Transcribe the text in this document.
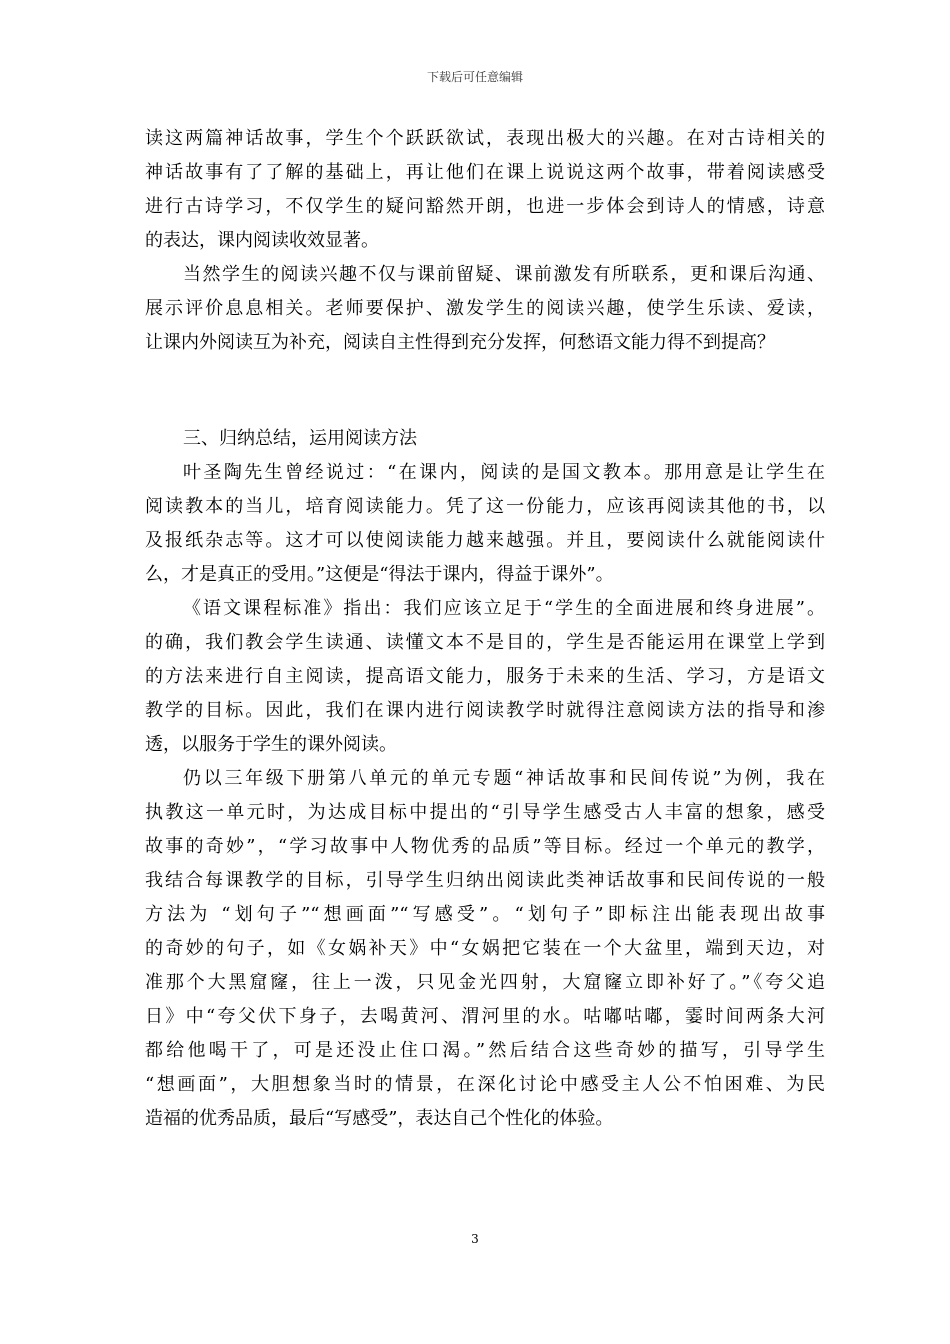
下载后可任意编辑
读这两篇神话故事，学生个个跃跃欲试，表现出极大的兴趣。在对古诗相关的
神话故事有了了解的基础上，再让他们在课上说说这两个故事，带着阅读感受
进行古诗学习，不仅学生的疑问豁然开朗，也进一步体会到诗人的情感，诗意
的表达，课内阅读收效显著。
当然学生的阅读兴趣不仅与课前留疑、课前激发有所联系，更和课后沟通、
展示评价息息相关。老师要保护、激发学生的阅读兴趣，使学生乐读、爱读，
让课内外阅读互为补充，阅读自主性得到充分发挥，何愁语文能力得不到提高？
三、归纳总结，运用阅读方法
叶圣陶先生曾经说过：“在课内，阅读的是国文教本。那用意是让学生在
阅读教本的当儿，培育阅读能力。凭了这一份能力，应该再阅读其他的书，以
及报纸杂志等。这才可以使阅读能力越来越强。并且，要阅读什么就能阅读什
么，才是真正的受用。”这便是“得法于课内，得益于课外”。
《语文课程标准》指出：我们应该立足于“学生的全面进展和终身进展”。
的确，我们教会学生读通、读懂文本不是目的，学生是否能运用在课堂上学到
的方法来进行自主阅读，提高语文能力，服务于未来的生活、学习，方是语文
教学的目标。因此，我们在课内进行阅读教学时就得注意阅读方法的指导和渗
透，以服务于学生的课外阅读。
仍以三年级下册第八单元的单元专题“神话故事和民间传说”为例，我在
执教这一单元时，为达成目标中提出的“引导学生感受古人丰富的想象，感受
故事的奇妙”，“学习故事中人物优秀的品质”等目标。经过一个单元的教学，
我结合每课教学的目标，引导学生归纳出阅读此类神话故事和民间传说的一般
方法为 “划句子”“想画面”“写感受”。“划句子”即标注出能表现出故事
的奇妙的句子，如《女娲补天》中“女娲把它装在一个大盆里，端到天边，对
准那个大黑窟窿，往上一泼，只见金光四射，大窟窿立即补好了。”《夸父追
日》中“夸父伏下身子，去喝黄河、渭河里的水。咕嘟咕嘟，霎时间两条大河
都给他喝干了，可是还没止住口渴。”然后结合这些奇妙的描写，引导学生
“想画面”，大胆想象当时的情景，在深化讨论中感受主人公不怕困难、为民
造福的优秀品质，最后“写感受”，表达自己个性化的体验。
3
